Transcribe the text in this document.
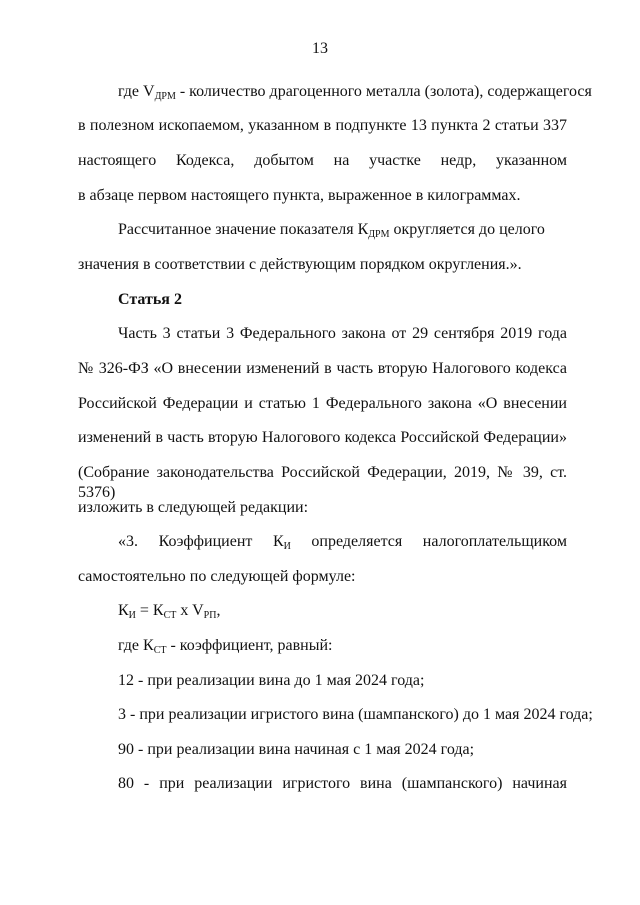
13
где $V_{ДРМ}$ - количество драгоценного металла (золота), содержащегося
в полезном ископаемом, указанном в подпункте 13 пункта 2 статьи 337
настоящего Кодекса, добытом на участке недр, указанном
в абзаце первом настоящего пункта, выраженное в килограммах.
Рассчитанное значение показателя $К_{ДРМ}$ округляется до целого
значения в соответствии с действующим порядком округления.».
Статья 2
Часть 3 статьи 3 Федерального закона от 29 сентября 2019 года
№ 326-ФЗ «О внесении изменений в часть вторую Налогового кодекса
Российской Федерации и статью 1 Федерального закона «О внесении
изменений в часть вторую Налогового кодекса Российской Федерации»
(Собрание законодательства Российской Федерации, 2019, № 39, ст. 5376)
изложить в следующей редакции:
«3. Коэффициент $К_И$ определяется налогоплательщиком
самостоятельно по следующей формуле:
$К_И = К_{СТ}$ x $V_{РП}$,
где $К_{СТ}$ - коэффициент, равный:
12 - при реализации вина до 1 мая 2024 года;
3 - при реализации игристого вина (шампанского) до 1 мая 2024 года;
90 - при реализации вина начиная с 1 мая 2024 года;
80 - при реализации игристого вина (шампанского) начиная
